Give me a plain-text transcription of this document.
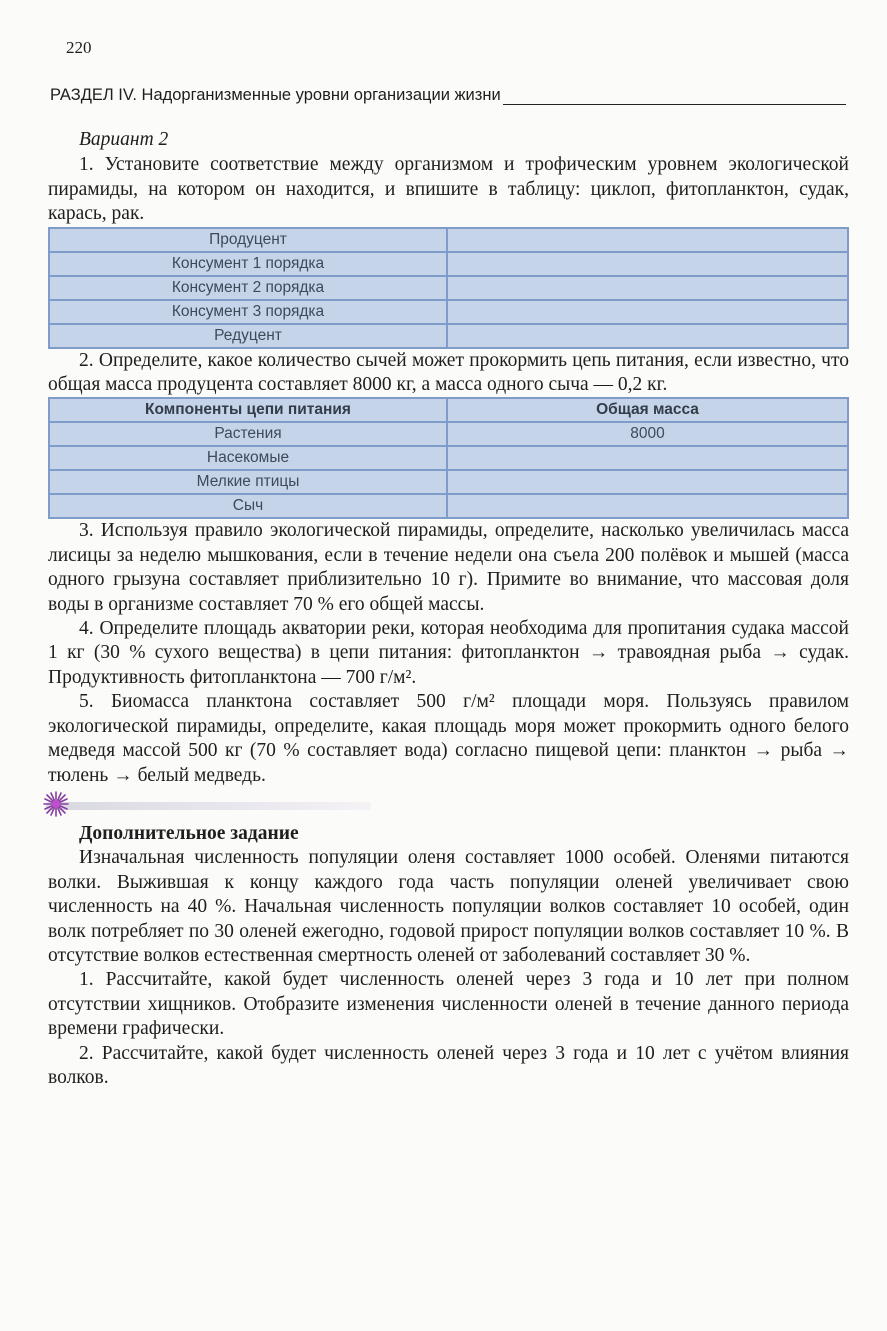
220
РАЗДЕЛ IV. Надорганизменные уровни организации жизни

Вариант 2

1. Установите соответствие между организмом и трофическим уровнем экологической пирамиды, на котором он находится, и впишите в таблицу: циклоп, фитопланктон, судак, карась, рак.

Продуцент	
Консумент 1 порядка	
Консумент 2 порядка	
Консумент 3 порядка	
Редуцент	

2. Определите, какое количество сычей может прокормить цепь питания, если известно, что общая масса продуцента составляет 8000 кг, а масса одного сыча — 0,2 кг.

Компоненты цепи питания	Общая масса
Растения	8000
Насекомые	
Мелкие птицы	
Сыч	

3. Используя правило экологической пирамиды, определите, насколько увеличилась масса лисицы за неделю мышкования, если в течение недели она съела 200 полёвок и мышей (масса одного грызуна составляет приблизительно 10 г). Примите во внимание, что массовая доля воды в организме составляет 70 % его общей массы.

4. Определите площадь акватории реки, которая необходима для пропитания судака массой 1 кг (30 % сухого вещества) в цепи питания: фитопланктон → травоядная рыба → судак. Продуктивность фитопланктона — 700 г/м².

5. Биомасса планктона составляет 500 г/м² площади моря. Пользуясь правилом экологической пирамиды, определите, какая площадь моря может прокормить одного белого медведя массой 500 кг (70 % составляет вода) согласно пищевой цепи: планктон → рыба → тюлень → белый медведь.

Дополнительное задание

Изначальная численность популяции оленя составляет 1000 особей. Оленями питаются волки. Выжившая к концу каждого года часть популяции оленей увеличивает свою численность на 40 %. Начальная численность популяции волков составляет 10 особей, один волк потребляет по 30 оленей ежегодно, годовой прирост популяции волков составляет 10 %. В отсутствие волков естественная смертность оленей от заболеваний составляет 30 %.

1. Рассчитайте, какой будет численность оленей через 3 года и 10 лет при полном отсутствии хищников. Отобразите изменения численности оленей в течение данного периода времени графически.

2. Рассчитайте, какой будет численность оленей через 3 года и 10 лет с учётом влияния волков.
